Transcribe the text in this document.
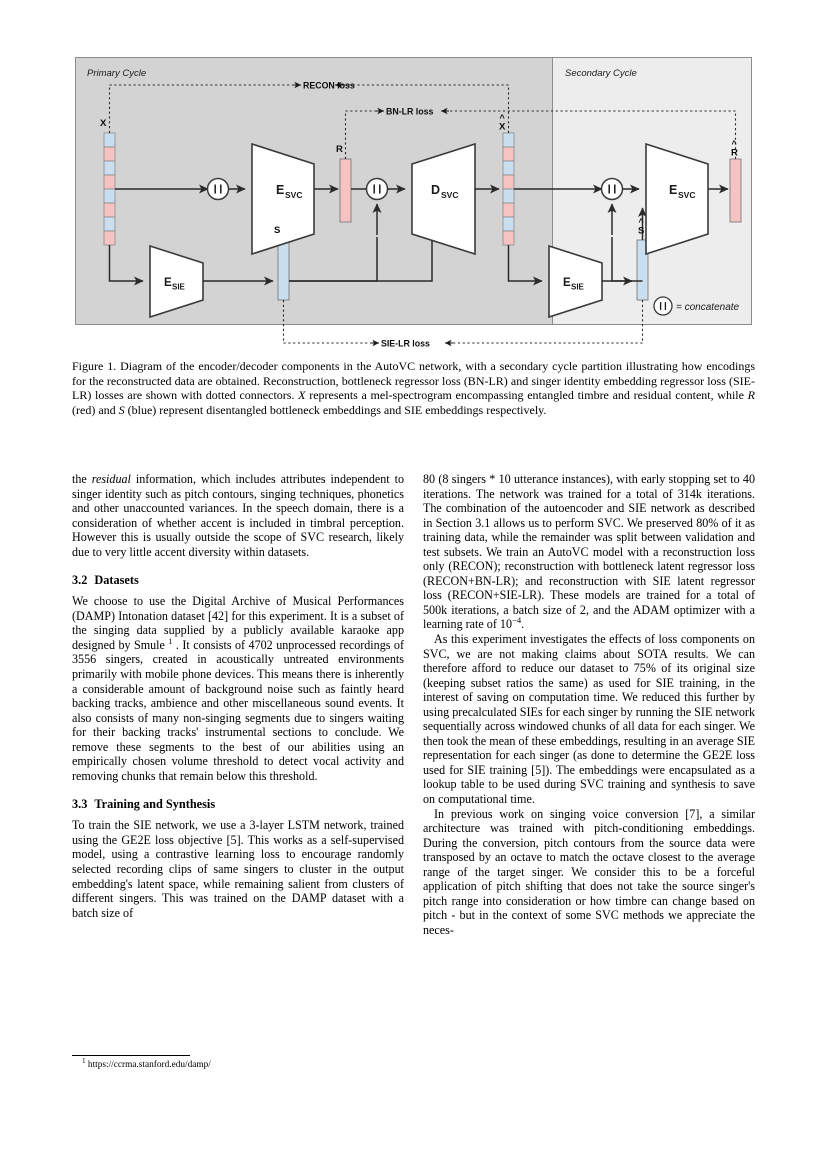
E SVC	D SVC	E SVC
Primary Cycle	Secondary Cycle
RECON loss
BN-LR loss
SIE-LR loss
X
R
S
^
X
^
R
^
S
E SIE	E SIE
= concatenate
Figure 1. Diagram of the encoder/decoder components in the AutoVC network, with a secondary cycle partition illustrating how encodings for the reconstructed data are obtained. Reconstruction, bottleneck regressor loss (BN-LR) and singer identity embedding regressor loss (SIE-LR) losses are shown with dotted connectors. X represents a mel-spectrogram encompassing entangled timbre and residual content, while R (red) and S (blue) represent disentangled bottleneck embeddings and SIE embeddings respectively.

the residual information, which includes attributes independent to singer identity such as pitch contours, singing techniques, phonetics and other unaccounted variances. In the speech domain, there is a consideration of whether accent is included in timbral perception. However this is usually outside the scope of SVC research, likely due to very little accent diversity within datasets.

3.2 Datasets

We choose to use the Digital Archive of Musical Performances (DAMP) Intonation dataset [42] for this experiment. It is a subset of the singing data supplied by a publicly available karaoke app designed by Smule $^1$ . It consists of 4702 unprocessed recordings of 3556 singers, created in acoustically untreated environments primarily with mobile phone devices. This means there is inherently a considerable amount of background noise such as faintly heard backing tracks, ambience and other miscellaneous sound events. It also consists of many non-singing segments due to singers waiting for their backing tracks' instrumental sections to conclude. We remove these segments to the best of our abilities using an empirically chosen volume threshold to detect vocal activity and removing chunks that remain below this threshold.

3.3 Training and Synthesis

To train the SIE network, we use a 3-layer LSTM network, trained using the GE2E loss objective [5]. This works as a self-supervised model, using a contrastive learning loss to encourage randomly selected recording clips of same singers to cluster in the output embedding's latent space, while remaining salient from clusters of different singers. This was trained on the DAMP dataset with a batch size of

$^1$ https://ccrma.stanford.edu/damp/

80 (8 singers * 10 utterance instances), with early stopping set to 40 iterations. The network was trained for a total of 314k iterations. The combination of the autoencoder and SIE network as described in Section 3.1 allows us to perform SVC. We preserved 80% of it as training data, while the remainder was split between validation and test subsets. We train an AutoVC model with a reconstruction loss only (RECON); reconstruction with bottleneck latent regressor loss (RECON+BN-LR); and reconstruction with SIE latent regressor loss (RECON+SIE-LR). These models are trained for a total of 500k iterations, a batch size of 2, and the ADAM optimizer with a learning rate of $10^{-4}$.

As this experiment investigates the effects of loss components on SVC, we are not making claims about SOTA results. We can therefore afford to reduce our dataset to 75% of its original size (keeping subset ratios the same) as used for SIE training, in the interest of saving on computation time. We reduced this further by using precalculated SIEs for each singer by running the SIE network sequentially across windowed chunks of all data for each singer. We then took the mean of these embeddings, resulting in an average SIE representation for each singer (as done to determine the GE2E loss used for SIE training [5]). The embeddings were encapsulated as a lookup table to be used during SVC training and synthesis to save on computational time.

In previous work on singing voice conversion [7], a similar architecture was trained with pitch-conditioning embeddings. During the conversion, pitch contours from the source data were transposed by an octave to match the octave closest to the average range of the target singer. We consider this to be a forceful application of pitch shifting that does not take the source singer's pitch range into consideration or how timbre can change based on pitch - but in the context of some SVC methods we appreciate the neces-
